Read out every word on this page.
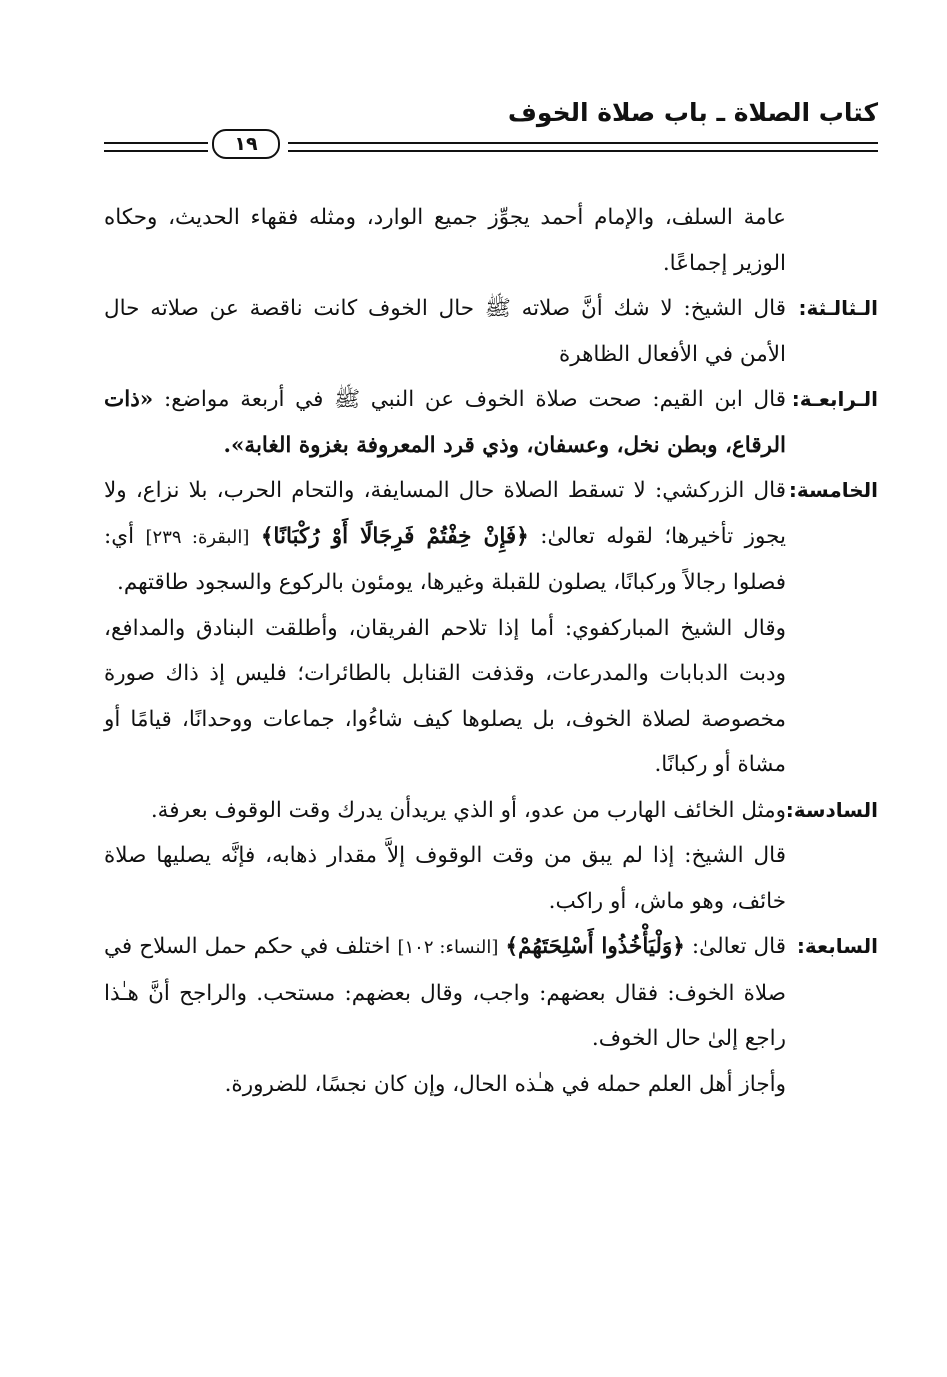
كتاب الصلاة ـ باب صلاة الخوف
١٩

عامة السلف، والإمام أحمد يجوِّز جميع الوارد، ومثله فقهاء الحديث، وحكاه الوزير إجماعًا.

الـثالـثة:

قال الشيخ: لا شك أنَّ صلاته ﷺ حال الخوف كانت ناقصة عن صلاته حال الأمن في الأفعال الظاهرة

الـرابعـة:

قال ابن القيم: صحت صلاة الخوف عن النبي ﷺ في أربعة مواضع: «ذات الرقاع، وبطن نخل، وعسفان، وذي قرد المعروفة بغزوة الغابة».

الخامسة:

قال الزركشي: لا تسقط الصلاة حال المسايفة، والتحام الحرب، بلا نزاع، ولا يجوز تأخيرها؛ لقوله تعالىٰ: ﴿فَإِنْ خِفْتُمْ فَرِجَالًا أَوْ رُكْبَانًا﴾ [البقرة: ٢٣٩] أي: فصلوا رجالاً وركبانًا، يصلون للقبلة وغيرها، يومئون بالركوع والسجود طاقتهم.

وقال الشيخ المباركفوي: أما إذا تلاحم الفريقان، وأطلقت البنادق والمدافع، ودبت الدبابات والمدرعات، وقذفت القنابل بالطائرات؛ فليس إذ ذاك صورة مخصوصة لصلاة الخوف، بل يصلوها كيف شاءُوا، جماعات ووحدانًا، قيامًا أو مشاة أو ركبانًا.

السادسة:

ومثل الخائف الهارب من عدو، أو الذي يريدأن يدرك وقت الوقوف بعرفة.

قال الشيخ: إذا لم يبق من وقت الوقوف إلاَّ مقدار ذهابه، فإنَّه يصليها صلاة خائف، وهو ماش، أو راكب.

السابعة:

قال تعالىٰ: ﴿وَلْيَأْخُذُوا أَسْلِحَتَهُمْ﴾ [النساء: ١٠٢] اختلف في حكم حمل السلاح في صلاة الخوف: فقال بعضهم: واجب، وقال بعضهم: مستحب. والراجح أنَّ هـٰذا راجع إلىٰ حال الخوف.

وأجاز أهل العلم حمله في هـٰذه الحال، وإن كان نجسًا، للضرورة.
